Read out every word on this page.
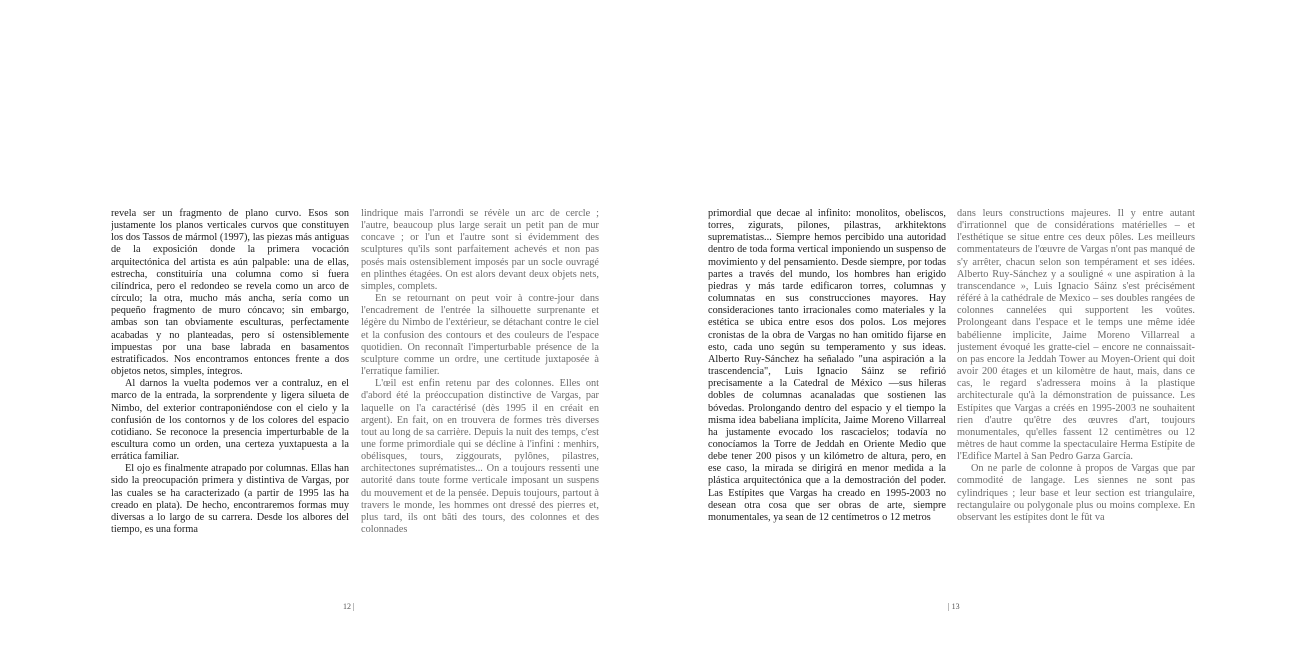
revela ser un fragmento de plano curvo. Esos son justamente los planos verticales curvos que constituyen los dos Tassos de mármol (1997), las piezas más antiguas de la exposición donde la primera vocación arquitectónica del artista es aún palpable: una de ellas, estrecha, constituiría una columna como si fuera cilíndrica, pero el redondeo se revela como un arco de círculo; la otra, mucho más ancha, sería como un pequeño fragmento de muro cóncavo; sin embargo, ambas son tan obviamente esculturas, perfectamente acabadas y no planteadas, pero sí ostensiblemente impuestas por una base labrada en basamentos estratificados. Nos encontramos entonces frente a dos objetos netos, simples, íntegros.

Al darnos la vuelta podemos ver a contraluz, en el marco de la entrada, la sorprendente y ligera silueta de Nimbo, del exterior contraponiéndose con el cielo y la confusión de los contornos y de los colores del espacio cotidiano. Se reconoce la presencia imperturbable de la escultura como un orden, una certeza yuxtapuesta a la errática familiar.

El ojo es finalmente atrapado por columnas. Ellas han sido la preocupación primera y distintiva de Vargas, por las cuales se ha caracterizado (a partir de 1995 las ha creado en plata). De hecho, encontraremos formas muy diversas a lo largo de su carrera. Desde los albores del tiempo, es una forma

lindrique mais l'arrondi se révèle un arc de cercle ; l'autre, beaucoup plus large serait un petit pan de mur concave ; or l'un et l'autre sont si évidemment des sculptures qu'ils sont parfaitement achevés et non pas posés mais ostensiblement imposés par un socle ouvragé en plinthes étagées. On est alors devant deux objets nets, simples, complets.

En se retournant on peut voir à contre-jour dans l'encadrement de l'entrée la silhouette surprenante et légère du Nimbo de l'extérieur, se détachant contre le ciel et la confusion des contours et des couleurs de l'espace quotidien. On reconnaît l'imperturbable présence de la sculpture comme un ordre, une certitude juxtaposée à l'erratique familier.

L'œil est enfin retenu par des colonnes. Elles ont d'abord été la préoccupation distinctive de Vargas, par laquelle on l'a caractérisé (dès 1995 il en créait en argent). En fait, on en trouvera de formes très diverses tout au long de sa carrière. Depuis la nuit des temps, c'est une forme primordiale qui se décline à l'infini : menhirs, obélisques, tours, ziggourats, pylônes, pilastres, architectones suprématistes... On a toujours ressenti une autorité dans toute forme verticale imposant un suspens du mouvement et de la pensée. Depuis toujours, partout à travers le monde, les hommes ont dressé des pierres et, plus tard, ils ont bâti des tours, des colonnes et des colonnades

12 |

primordial que decae al infinito: monolitos, obeliscos, torres, zigurats, pilones, pilastras, arkhitektons suprematistas... Siempre hemos percibido una autoridad dentro de toda forma vertical imponiendo un suspenso de movimiento y del pensamiento. Desde siempre, por todas partes a través del mundo, los hombres han erigido piedras y más tarde edificaron torres, columnas y columnatas en sus construcciones mayores. Hay consideraciones tanto irracionales como materiales y la estética se ubica entre esos dos polos. Los mejores cronistas de la obra de Vargas no han omitido fijarse en esto, cada uno según su temperamento y sus ideas. Alberto Ruy-Sánchez ha señalado "una aspiración a la trascendencia", Luis Ignacio Sáinz se refirió precisamente a la Catedral de México —sus hileras dobles de columnas acanaladas que sostienen las bóvedas. Prolongando dentro del espacio y el tiempo la misma idea babeliana implícita, Jaime Moreno Villarreal ha justamente evocado los rascacielos; todavía no conocíamos la Torre de Jeddah en Oriente Medio que debe tener 200 pisos y un kilómetro de altura, pero, en ese caso, la mirada se dirigirá en menor medida a la plástica arquitectónica que a la demostración del poder. Las Estípites que Vargas ha creado en 1995-2003 no desean otra cosa que ser obras de arte, siempre monumentales, ya sean de 12 centímetros o 12 metros

dans leurs constructions majeures. Il y entre autant d'irrationnel que de considérations matérielles – et l'esthétique se situe entre ces deux pôles. Les meilleurs commentateurs de l'œuvre de Vargas n'ont pas manqué de s'y arrêter, chacun selon son tempérament et ses idées. Alberto Ruy-Sánchez y a souligné « une aspiration à la transcendance », Luis Ignacio Sáinz s'est précisément référé à la cathédrale de Mexico – ses doubles rangées de colonnes cannelées qui supportent les voûtes. Prolongeant dans l'espace et le temps une même idée babélienne implicite, Jaime Moreno Villarreal a justement évoqué les gratte-ciel – encore ne connaissait-on pas encore la Jeddah Tower au Moyen-Orient qui doit avoir 200 étages et un kilomètre de haut, mais, dans ce cas, le regard s'adressera moins à la plastique architecturale qu'à la démonstration de puissance. Les Estípites que Vargas a créés en 1995-2003 ne souhaitent rien d'autre qu'être des œuvres d'art, toujours monumentales, qu'elles fassent 12 centimètres ou 12 mètres de haut comme la spectaculaire Herma Estípite de l'Edifice Martel à San Pedro Garza García.

On ne parle de colonne à propos de Vargas que par commodité de langage. Les siennes ne sont pas cylindriques ; leur base et leur section est triangulaire, rectangulaire ou polygonale plus ou moins complexe. En observant les estípites dont le fût va

| 13
